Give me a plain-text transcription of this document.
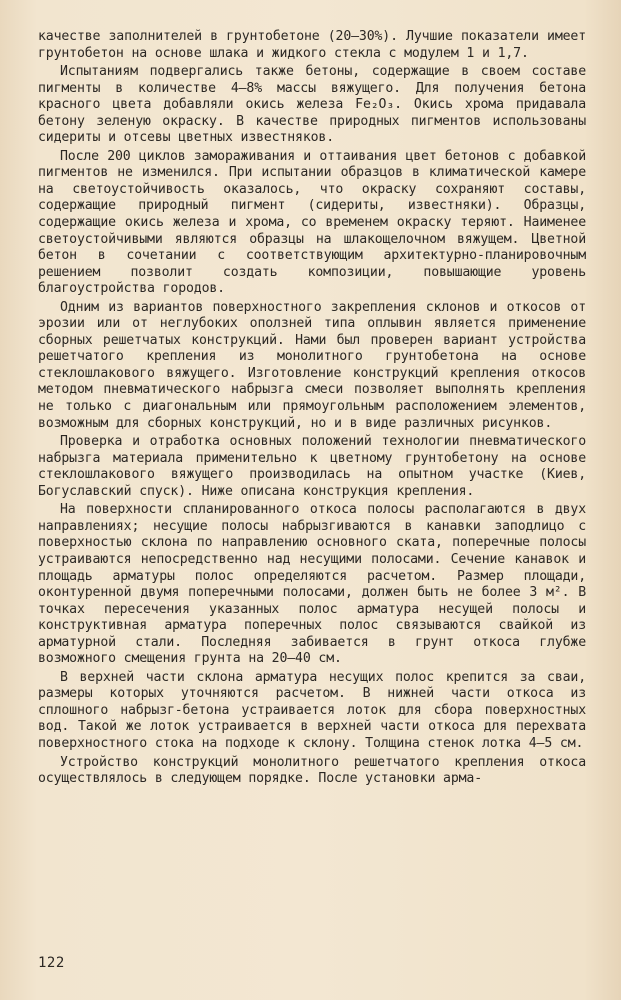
качестве заполнителей в грунтобетоне (20–30%). Лучшие показатели имеет грунтобетон на основе шлака и жидкого стекла с модулем 1 и 1,7.

Испытаниям подвергались также бетоны, содержащие в своем составе пигменты в количестве 4–8% массы вяжущего. Для получения бетона красного цвета добавляли окись железа Fe₂O₃. Окись хрома придавала бетону зеленую окраску. В качестве природных пигментов использованы сидериты и отсевы цветных известняков.

После 200 циклов замораживания и оттаивания цвет бетонов с добавкой пигментов не изменился. При испытании образцов в климатической камере на светоустойчивость оказалось, что окраску сохраняют составы, содержащие природный пигмент (сидериты, известняки). Образцы, содержащие окись железа и хрома, со временем окраску теряют. Наименее светоустойчивыми являются образцы на шлакощелочном вяжущем. Цветной бетон в сочетании с соответствующим архитектурно-планировочным решением позволит создать композиции, повышающие уровень благоустройства городов.

Одним из вариантов поверхностного закрепления склонов и откосов от эрозии или от неглубоких оползней типа оплывин является применение сборных решетчатых конструкций. Нами был проверен вариант устройства решетчатого крепления из монолитного грунтобетона на основе стеклошлакового вяжущего. Изготовление конструкций крепления откосов методом пневматического набрызга смеси позволяет выполнять крепления не только с диагональным или прямоугольным расположением элементов, возможным для сборных конструкций, но и в виде различных рисунков.

Проверка и отработка основных положений технологии пневматического набрызга материала применительно к цветному грунтобетону на основе стеклошлакового вяжущего производилась на опытном участке (Киев, Богуславский спуск). Ниже описана конструкция крепления.

На поверхности спланированного откоса полосы располагаются в двух направлениях; несущие полосы набрызгиваются в канавки заподлицо с поверхностью склона по направлению основного ската, поперечные полосы устраиваются непосредственно над несущими полосами. Сечение канавок и площадь арматуры полос определяются расчетом. Размер площади, оконтуренной двумя поперечными полосами, должен быть не более 3 м². В точках пересечения указанных полос арматура несущей полосы и конструктивная арматура поперечных полос связываются свайкой из арматурной стали. Последняя забивается в грунт откоса глубже возможного смещения грунта на 20–40 см.

В верхней части склона арматура несущих полос крепится за сваи, размеры которых уточняются расчетом. В нижней части откоса из сплошного набрызг-бетона устраивается лоток для сбора поверхностных вод. Такой же лоток устраивается в верхней части откоса для перехвата поверхностного стока на подходе к склону. Толщина стенок лотка 4–5 см.

Устройство конструкций монолитного решетчатого крепления откоса осуществлялось в следующем порядке. После установки арма-

122
